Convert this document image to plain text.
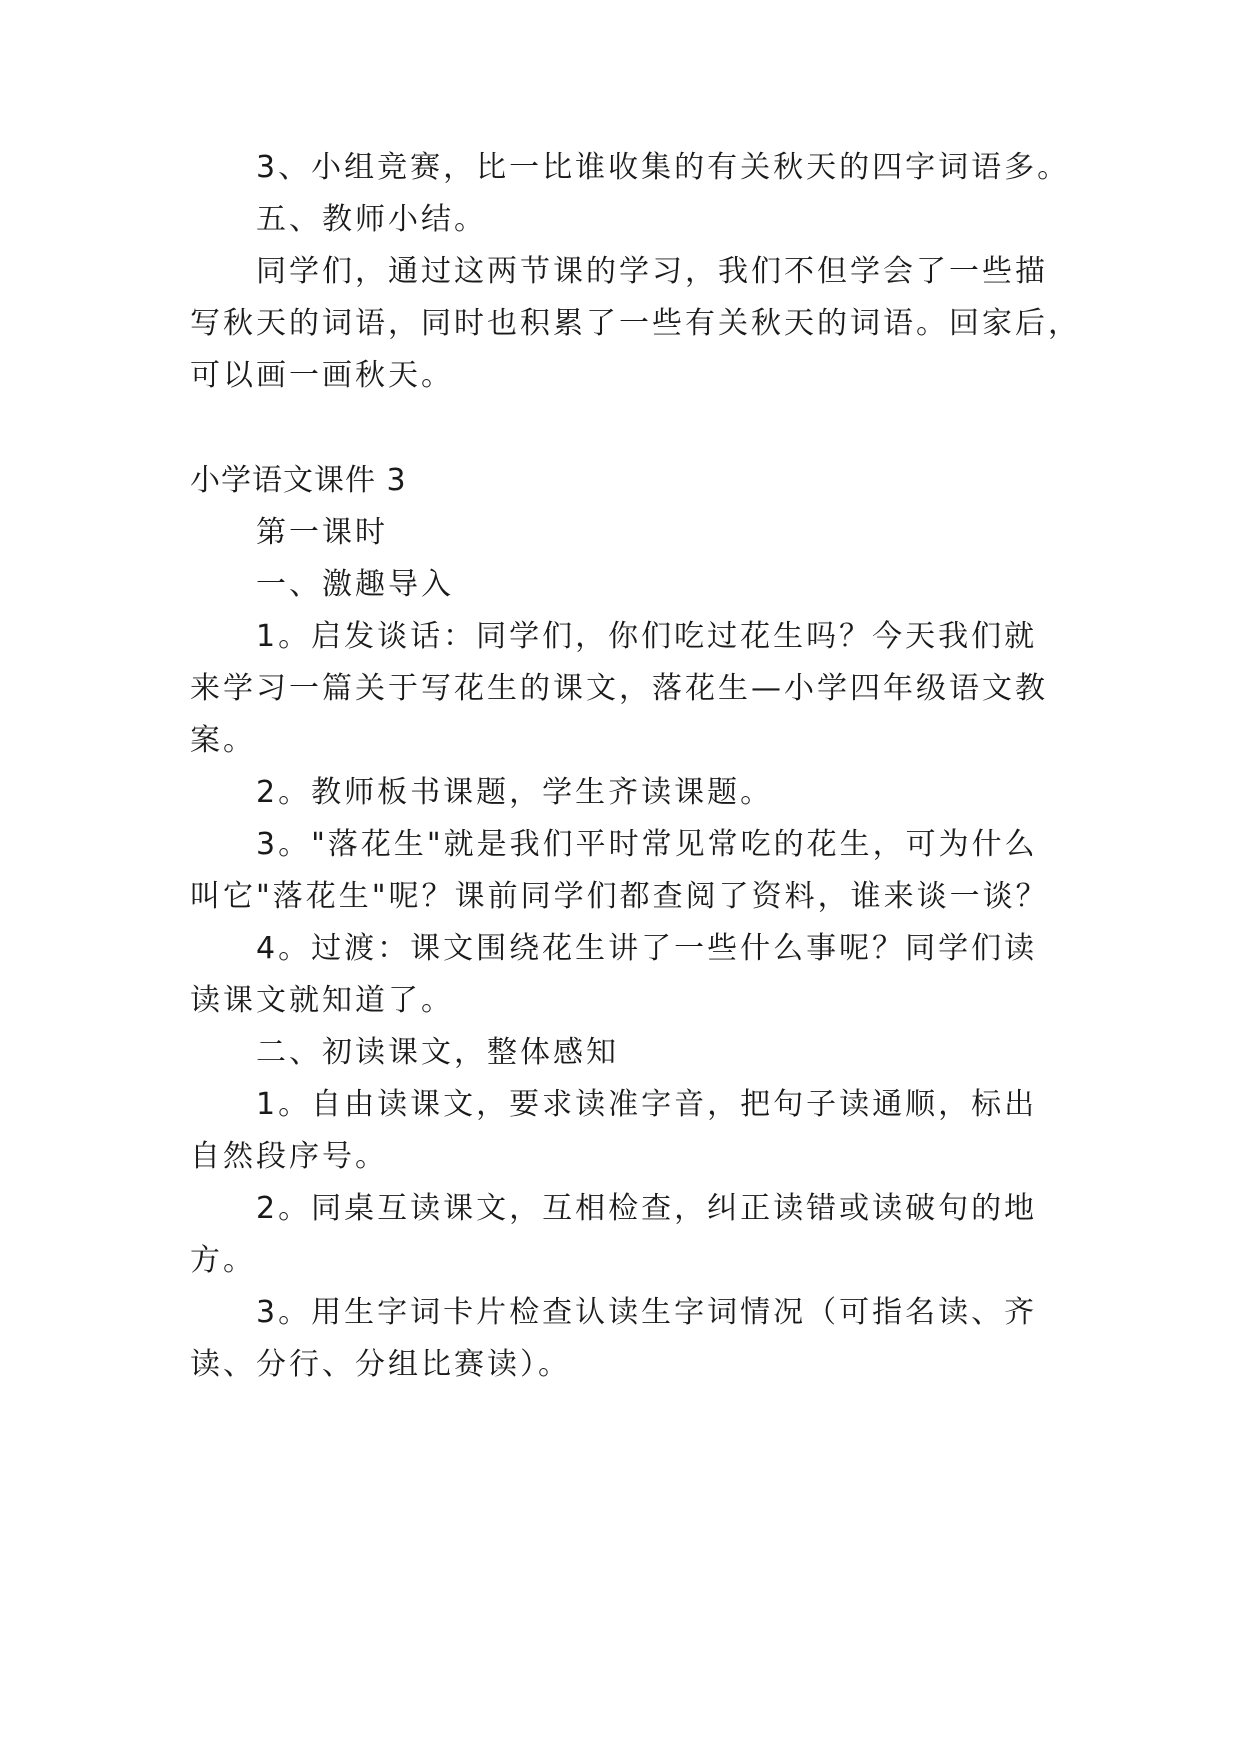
3、小组竞赛，比一比谁收集的有关秋天的四字词语多。
五、教师小结。
同学们，通过这两节课的学习，我们不但学会了一些描
写秋天的词语，同时也积累了一些有关秋天的词语。回家后，
可以画一画秋天。
小学语文课件 3
第一课时
一、激趣导入
1。启发谈话：同学们，你们吃过花生吗？今天我们就
来学习一篇关于写花生的课文，落花生—小学四年级语文教
案。
2。教师板书课题，学生齐读课题。
3。"落花生"就是我们平时常见常吃的花生，可为什么
叫它"落花生"呢？课前同学们都查阅了资料，谁来谈一谈？
4。过渡：课文围绕花生讲了一些什么事呢？同学们读
读课文就知道了。
二、初读课文，整体感知
1。自由读课文，要求读准字音，把句子读通顺，标出
自然段序号。
2。同桌互读课文，互相检查，纠正读错或读破句的地
方。
3。用生字词卡片检查认读生字词情况（可指名读、齐
读、分行、分组比赛读）。
